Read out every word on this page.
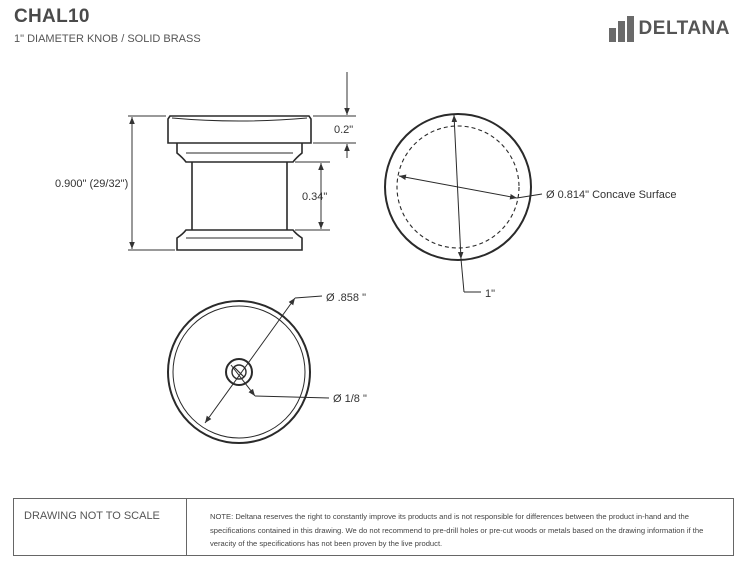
CHAL10
1" DIAMETER KNOB / SOLID BRASS	DELTANA
0.900" (29/32")
0.2"
0.34"	Ø 0.814" Concave Surface
1"
Ø .858 "
Ø 1/8 "
DRAWING NOT TO SCALE	NOTE: Deltana reserves the right to constantly improve its products and is not responsible for differences between the product in-hand and the specifications contained in this drawing. We do not recommend to pre-drill holes or pre-cut woods or metals based on the drawing information if the veracity of the specifications has not been proven by the live product.
